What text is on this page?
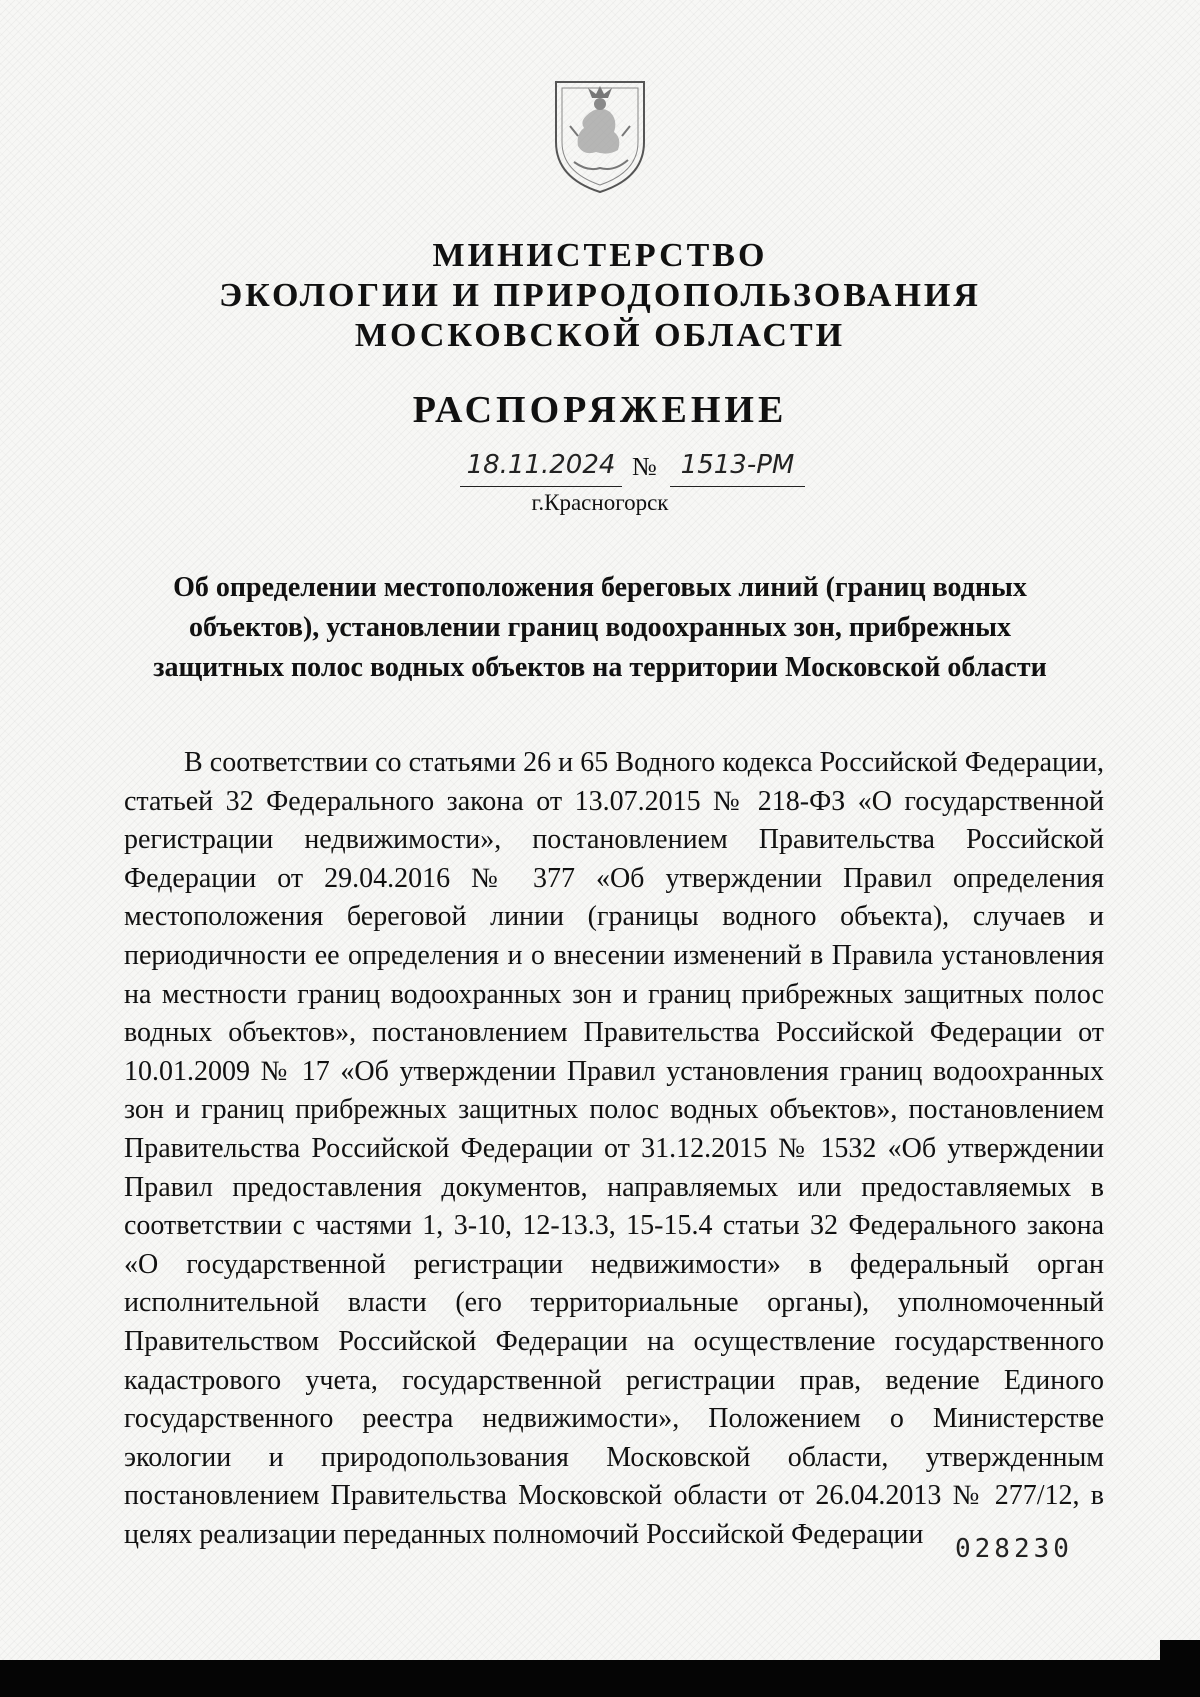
МИНИСТЕРСТВО
ЭКОЛОГИИ И ПРИРОДОПОЛЬЗОВАНИЯ
МОСКОВСКОЙ ОБЛАСТИ
РАСПОРЯЖЕНИЕ
18.11.2024 № 1513-РМ
г.Красногорск
Об определении местоположения береговых линий (границ водных
объектов), установлении границ водоохранных зон, прибрежных
защитных полос водных объектов на территории Московской области
В соответствии со статьями 26 и 65 Водного кодекса Российской Федерации, статьей 32 Федерального закона от 13.07.2015 № 218-ФЗ «О государственной регистрации недвижимости», постановлением Правительства Российской Федерации от 29.04.2016 № 377 «Об утверждении Правил определения местоположения береговой линии (границы водного объекта), случаев и периодичности ее определения и о внесении изменений в Правила установления на местности границ водоохранных зон и границ прибрежных защитных полос водных объектов», постановлением Правительства Российской Федерации от 10.01.2009 № 17 «Об утверждении Правил установления границ водоохранных зон и границ прибрежных защитных полос водных объектов», постановлением Правительства Российской Федерации от 31.12.2015 № 1532 «Об утверждении Правил предоставления документов, направляемых или предоставляемых в соответствии с частями 1, 3-10, 12-13.3, 15-15.4 статьи 32 Федерального закона «О государственной регистрации недвижимости» в федеральный орган исполнительной власти (его территориальные органы), уполномоченный Правительством Российской Федерации на осуществление государственного кадастрового учета, государственной регистрации прав, ведение Единого государственного реестра недвижимости», Положением о Министерстве экологии и природопользования Московской области, утвержденным постановлением Правительства Московской области от 26.04.2013 № 277/12, в целях реализации переданных полномочий Российской Федерации	028230
